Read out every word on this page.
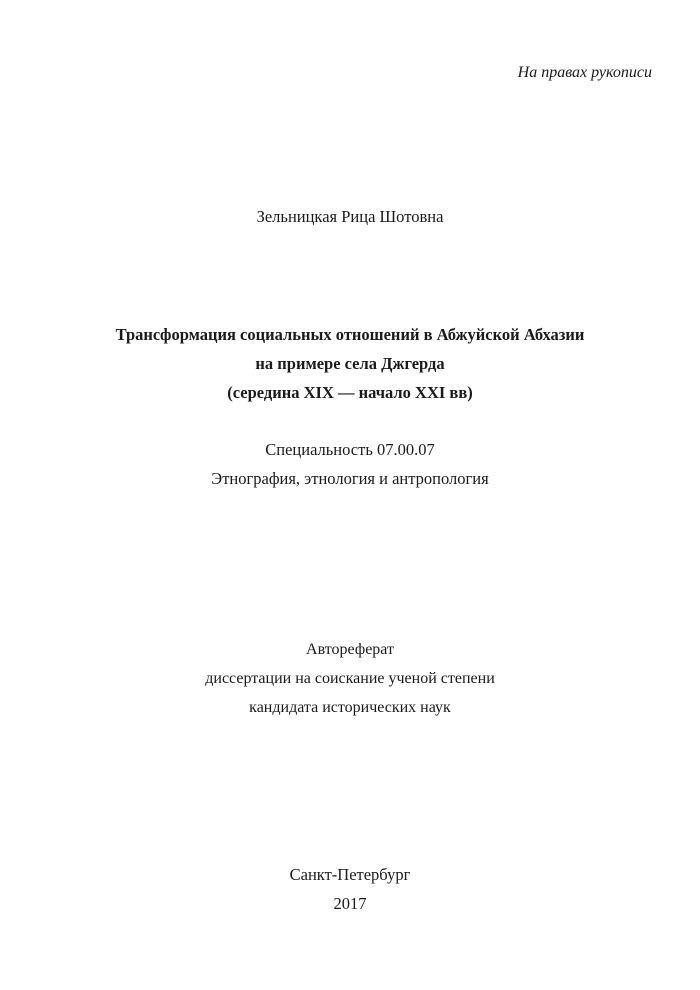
На правах рукописи
Зельницкая Рица Шотовна
Трансформация социальных отношений в Абжуйской Абхазии
на примере села Джгерда
(середина XIX — начало XXI вв)
Специальность 07.00.07
Этнография, этнология и антропология
Автореферат
диссертации на соискание ученой степени
кандидата исторических наук
Санкт-Петербург
2017
